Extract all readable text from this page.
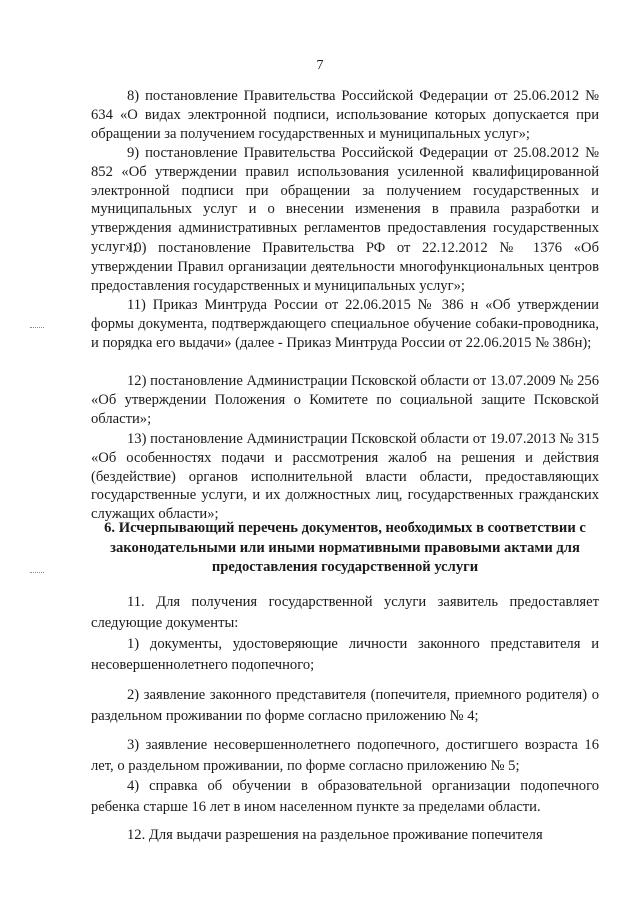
7

8) постановление Правительства Российской Федерации от 25.06.2012 № 634 «О видах электронной подписи, использование которых допускается при обращении за получением государственных и муниципальных услуг»;

9) постановление Правительства Российской Федерации от 25.08.2012 № 852 «Об утверждении правил использования усиленной квалифицированной электронной подписи при обращении за получением государственных и муниципальных услуг и о внесении изменения в правила разработки и утверждения административных регламентов предоставления государственных услуг»;

10) постановление Правительства РФ от 22.12.2012 № 1376 «Об утверждении Правил организации деятельности многофункциональных центров предоставления государственных и муниципальных услуг»;

11) Приказ Минтруда России от 22.06.2015 № 386 н «Об утверждении формы документа, подтверждающего специальное обучение собаки-проводника, и порядка его выдачи» (далее - Приказ Минтруда России от 22.06.2015 № 386н);

12) постановление Администрации Псковской области от 13.07.2009 № 256 «Об утверждении Положения о Комитете по социальной защите Псковской области»;

13) постановление Администрации Псковской области от 19.07.2013 № 315 «Об особенностях подачи и рассмотрения жалоб на решения и действия (бездействие) органов исполнительной власти области, предоставляющих государственные услуги, и их должностных лиц, государственных гражданских служащих области»;

6. Исчерпывающий перечень документов, необходимых в соответствии с законодательными или иными нормативными правовыми актами для предоставления государственной услуги

11. Для получения государственной услуги заявитель предоставляет следующие документы:

1) документы, удостоверяющие личности законного представителя и несовершеннолетнего подопечного;

2) заявление законного представителя (попечителя, приемного родителя) о раздельном проживании по форме согласно приложению № 4;

3) заявление несовершеннолетнего подопечного, достигшего возраста 16 лет, о раздельном проживании, по форме согласно приложению № 5;

4) справка об обучении в образовательной организации подопечного ребенка старше 16 лет в ином населенном пункте за пределами области.

12. Для выдачи разрешения на раздельное проживание попечителя
